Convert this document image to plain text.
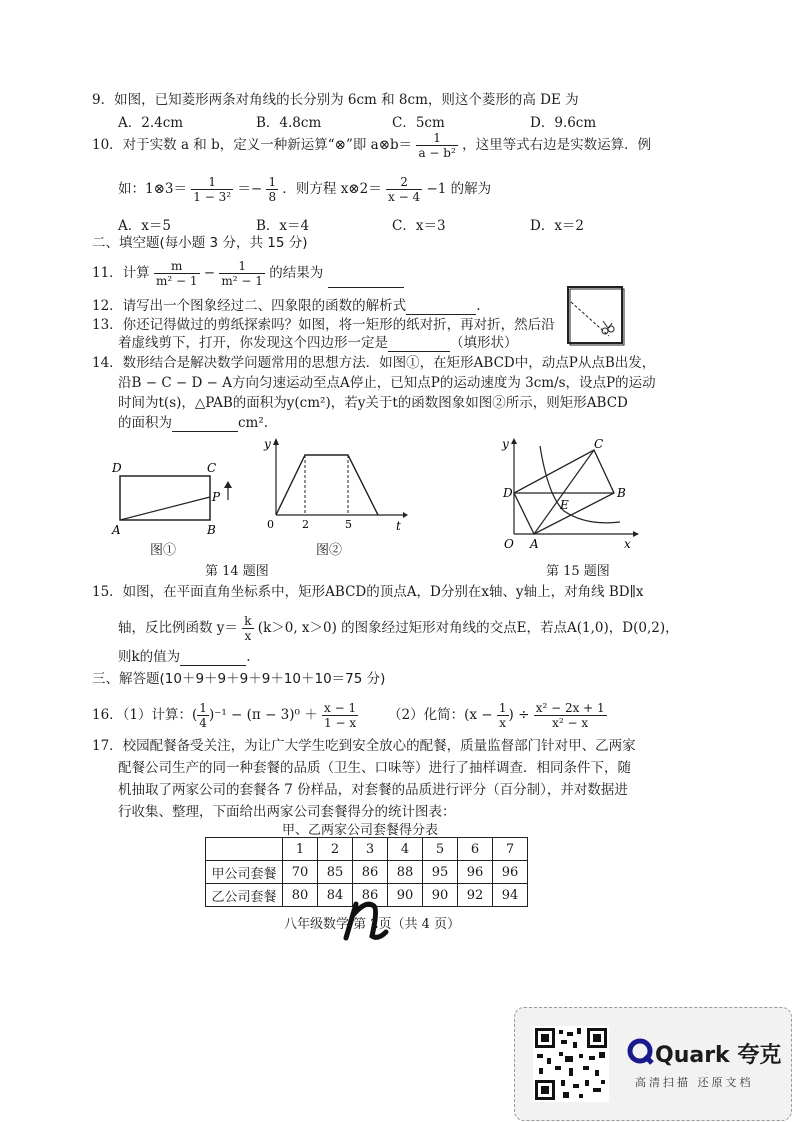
9．如图，已知菱形两条对角线的长分别为 6cm 和 8cm，则这个菱形的高 DE 为
A．2.4cm	B．4.8cm	C．5cm	D．9.6cm
10．对于实数 a 和 b，定义一种新运算“⊗”即 a⊗b＝ $\frac{1}{\text{a − b²}}$ ，这里等式右边是实数运算．例
如：1⊗3＝ $\frac{1}{\text{1 − 3²}} =- \frac{1}{8}$ ．则方程 x⊗2＝ $\frac{2}{x - 4} -1$ 的解为
A．x＝5	B．x＝4	C．x＝3	D．x＝2
二、填空题(每小题 3 分，共 15 分)
11．计算 $\frac{m}{\text{m² − 1}} - \frac{1}{\text{m² − 1}}$ 的结果为
12．请写出一个图象经过二、四象限的函数的解析式	.
13．你还记得做过的剪纸探索吗？如图，将一矩形的纸对折，再对折，然后沿
着虚线剪下，打开，你发现这个四边形一定是	（填形状）
14．数形结合是解决数学问题常用的思想方法．如图①，在矩形ABCD中，动点P从点B出发，
沿B − C − D − A方向匀速运动至点A停止，已知点P的运动速度为 3cm/s，设点P的运动
时间为t(s)，△PAB的面积为y(cm²)，若y关于t的函数图象如图②所示，则矩形ABCD
的面积为	cm².
D	C
A	B
P
图①
y
t
0	2	5
图②
第 14 题图
y
x
O A
B
C
D
E
第 15 题图
15．如图，在平面直角坐标系中，矩形ABCD的顶点A，D分别在x轴、y轴上，对角线 BD∥x
轴，反比例函数 $y= \frac{k}{x} (k>0$, x＞0) 的图象经过矩形对角线的交点E，若点A(1,0)，D(0,2)，
则k的值为	.
三、解答题(10＋9＋9＋9＋9＋10＋10＝75 分)
16．（1）计算：( $\frac{1}{4} )^{-1} - (\pi - 3)^0 + \frac{x - 1}{1 - x} (2)$化简：($x - \frac{1}{x}$ ) ÷ $\frac{\text{x² − 2x + 1}}{\text{x² − x}}$
17．校园配餐备受关注，为让广大学生吃到安全放心的配餐，质量监督部门针对甲、乙两家
配餐公司生产的同一种套餐的品质（卫生、口味等）进行了抽样调查．相同条件下，随
机抽取了两家公司的套餐各 7 份样品，对套餐的品质进行评分（百分制），并对数据进
行收集、整理，下面给出两家公司套餐得分的统计图表：
甲、乙两家公司套餐得分表
	1	2	3	4	5	6	7
甲公司套餐	70	85	86	88	95	96	96
乙公司套餐	80	84	86	90	90	92	94
八年级数学 第 2页（共 4 页）
Quark 夸克
高清扫描 还原文档
